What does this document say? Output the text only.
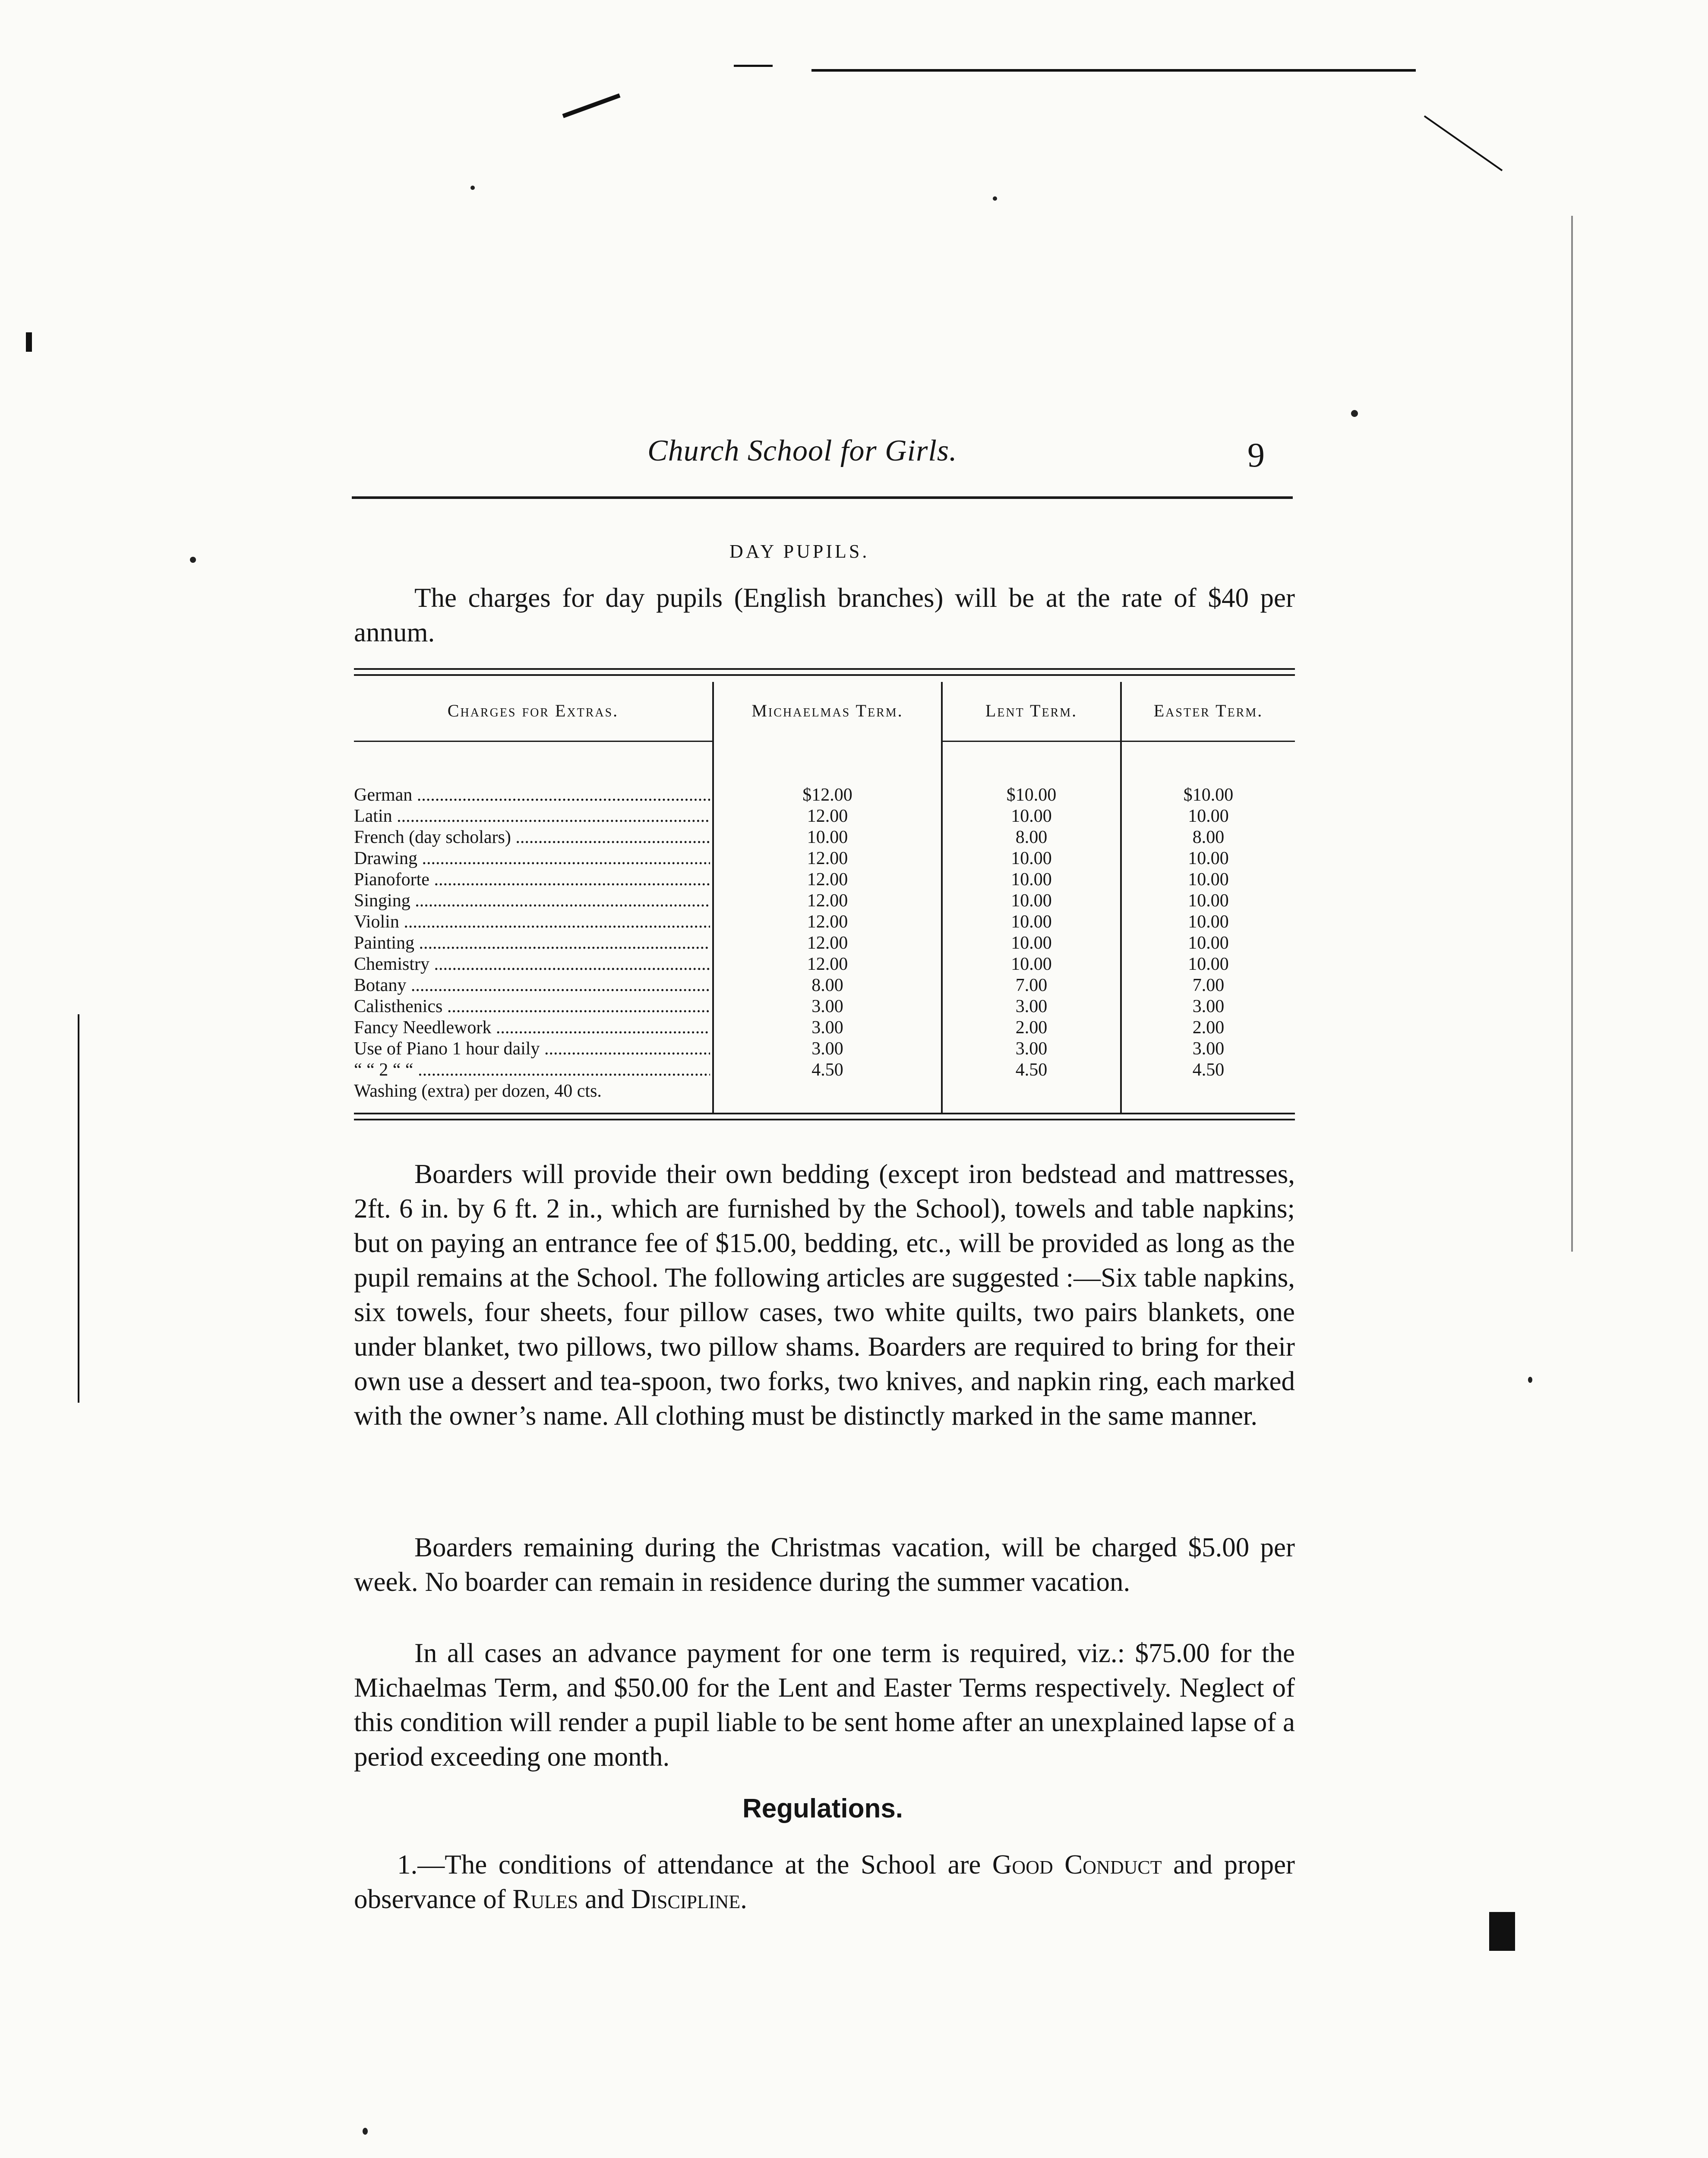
Church School for Girls.	9
DAY PUPILS.

The charges for day pupils (English branches) will be at the rate of $40 per annum.

Charges for Extras.	Michaelmas Term.	Lent Term.	Easter Term.
German .....	$12.00	$10.00	$10.00
Latin .....	12.00	10.00	10.00
French (day scholars) .....	10.00	8.00	8.00
Drawing .....	12.00	10.00	10.00
Pianoforte .....	12.00	10.00	10.00
Singing .....	12.00	10.00	10.00
Violin .....	12.00	10.00	10.00
Painting .....	12.00	10.00	10.00
Chemistry .....	12.00	10.00	10.00
Botany .....	8.00	7.00	7.00
Calisthenics .....	3.00	3.00	3.00
Fancy Needlework .....	3.00	2.00	2.00
Use of Piano 1 hour daily .....	3.00	3.00	3.00
“ “ 2 “ “ .....	4.50	4.50	4.50
Washing (extra) per dozen, 40 cts.

Boarders will provide their own bedding (except iron bedstead and mattresses, 2ft. 6 in. by 6 ft. 2 in., which are furnished by the School), towels and table napkins; but on paying an entrance fee of $15.00, bedding, etc., will be provided as long as the pupil remains at the School. The following articles are suggested :—Six table napkins, six towels, four sheets, four pillow cases, two white quilts, two pairs blankets, one under blanket, two pillows, two pillow shams. Boarders are required to bring for their own use a dessert and tea-spoon, two forks, two knives, and napkin ring, each marked with the owner’s name. All clothing must be distinctly marked in the same manner.

Boarders remaining during the Christmas vacation, will be charged $5.00 per week. No boarder can remain in residence during the summer vacation.

In all cases an advance payment for one term is required, viz.: $75.00 for the Michaelmas Term, and $50.00 for the Lent and Easter Terms respectively. Neglect of this condition will render a pupil liable to be sent home after an unexplained lapse of a period exceeding one month.

Regulations.

1.—The conditions of attendance at the School are Good Conduct and proper observance of Rules and Discipline.
